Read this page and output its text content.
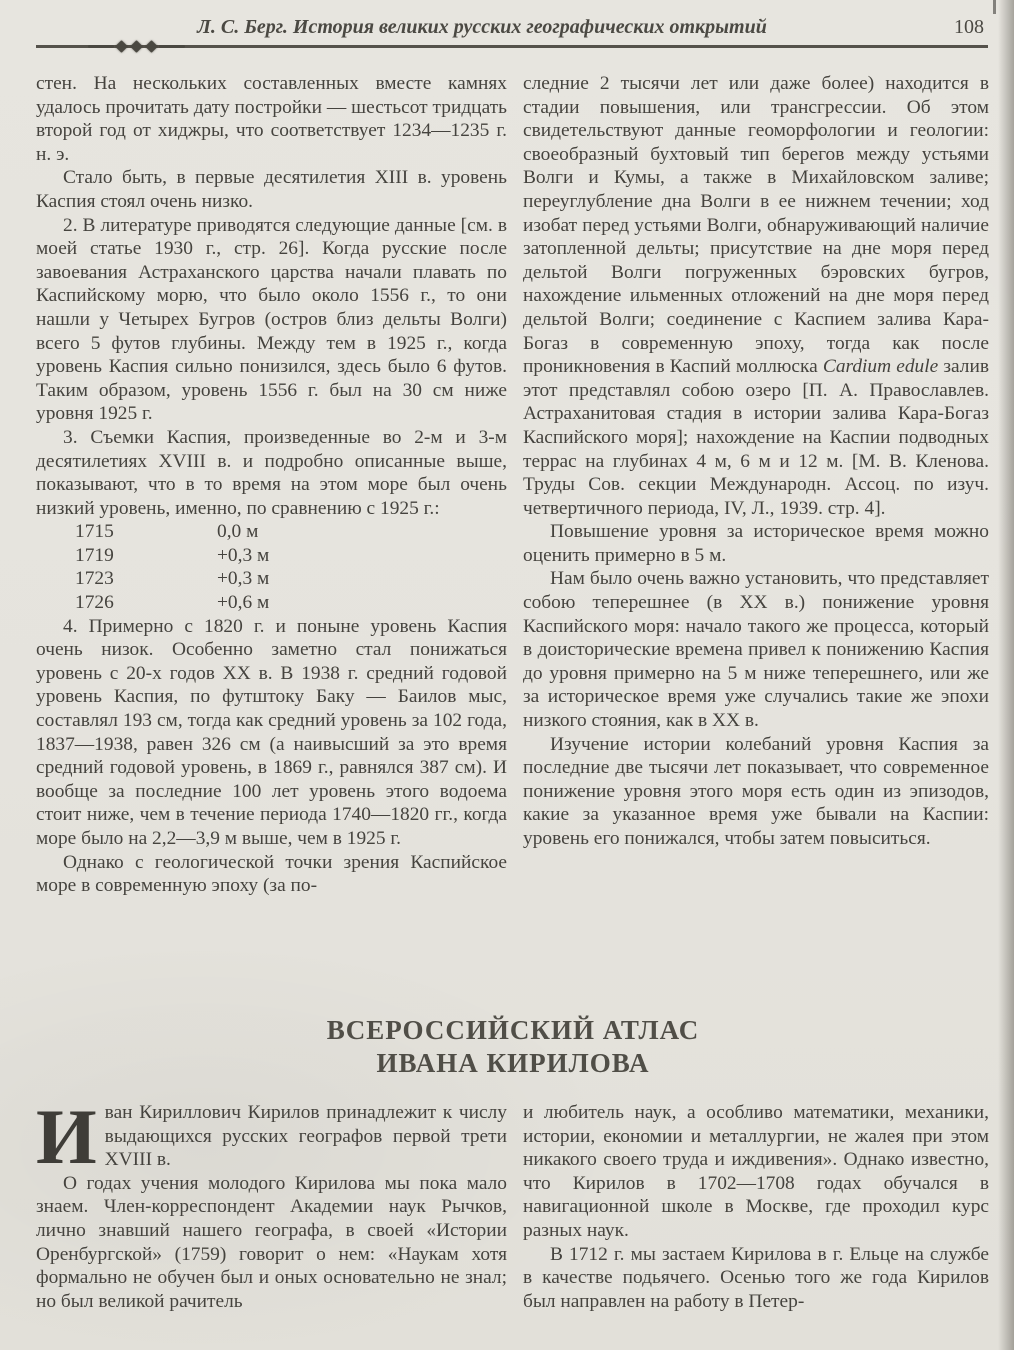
Л. С. Берг. История великих русских географических открытий	108

стен. На нескольких составленных вместе камнях удалось прочитать дату постройки — шестьсот тридцать второй год от хиджры, что соответствует 1234—1235 г. н. э.

Стало быть, в первые десятилетия XIII в. уровень Каспия стоял очень низко.

2. В литературе приводятся следующие данные [см. в моей статье 1930 г., стр. 26]. Когда русские после завоевания Астраханского царства начали плавать по Каспийскому морю, что было около 1556 г., то они нашли у Четырех Бугров (остров близ дельты Волги) всего 5 футов глубины. Между тем в 1925 г., когда уровень Каспия сильно понизился, здесь было 6 футов. Таким образом, уровень 1556 г. был на 30 см ниже уровня 1925 г.

3. Съемки Каспия, произведенные во 2-м и 3-м десятилетиях XVIII в. и подробно описанные выше, показывают, что в то время на этом море был очень низкий уровень, именно, по сравнению с 1925 г.:

1715	0,0 м
1719	+0,3 м
1723	+0,3 м
1726	+0,6 м

4. Примерно с 1820 г. и поныне уровень Каспия очень низок. Особенно заметно стал понижаться уровень с 20-х годов XX в. В 1938 г. средний годовой уровень Каспия, по футштоку Баку — Баилов мыс, составлял 193 см, тогда как средний уровень за 102 года, 1837—1938, равен 326 см (а наивысший за это время средний годовой уровень, в 1869 г., равнялся 387 см). И вообще за последние 100 лет уровень этого водоема стоит ниже, чем в течение периода 1740—1820 гг., когда море было на 2,2—3,9 м выше, чем в 1925 г.

Однако с геологической точки зрения Каспийское море в современную эпоху (за по-

следние 2 тысячи лет или даже более) находится в стадии повышения, или трансгрессии. Об этом свидетельствуют данные геоморфологии и геологии: своеобразный бухтовый тип берегов между устьями Волги и Кумы, а также в Михайловском заливе; переуглубление дна Волги в ее нижнем течении; ход изобат перед устьями Волги, обнаруживающий наличие затопленной дельты; присутствие на дне моря перед дельтой Волги погруженных бэровских бугров, нахождение ильменных отложений на дне моря перед дельтой Волги; соединение с Каспием залива Кара-Богаз в современную эпоху, тогда как после проникновения в Каспий моллюска Cardium edule залив этот представлял собою озеро [П. А. Православлев. Астраханитовая стадия в истории залива Кара-Богаз Каспийского моря]; нахождение на Каспии подводных террас на глубинах 4 м, 6 м и 12 м. [М. В. Кленова. Труды Сов. секции Международн. Ассоц. по изуч. четвертичного периода, IV, Л., 1939. стр. 4].

Повышение уровня за историческое время можно оценить примерно в 5 м.

Нам было очень важно установить, что представляет собою теперешнее (в XX в.) понижение уровня Каспийского моря: начало такого же процесса, который в доисторические времена привел к понижению Каспия до уровня примерно на 5 м ниже теперешнего, или же за историческое время уже случались такие же эпохи низкого стояния, как в XX в.

Изучение истории колебаний уровня Каспия за последние две тысячи лет показывает, что современное понижение уровня этого моря есть один из эпизодов, какие за указанное время уже бывали на Каспии: уровень его понижался, чтобы затем повыситься.

ВСЕРОССИЙСКИЙ АТЛАС
ИВАНА КИРИЛОВА

Иван Кириллович Кирилов принадлежит к числу выдающихся русских географов первой трети XVIII в.

О годах учения молодого Кирилова мы пока мало знаем. Член-корреспондент Академии наук Рычков, лично знавший нашего географа, в своей «Истории Оренбургской» (1759) говорит о нем: «Наукам хотя формально не обучен был и оных основательно не знал; но был великой рачитель

и любитель наук, а особливо математики, механики, истории, економии и металлургии, не жалея при этом никакого своего труда и иждивения». Однако известно, что Кирилов в 1702—1708 годах обучался в навигационной школе в Москве, где проходил курс разных наук.

В 1712 г. мы застаем Кирилова в г. Ельце на службе в качестве подьячего. Осенью того же года Кирилов был направлен на работу в Петер-
